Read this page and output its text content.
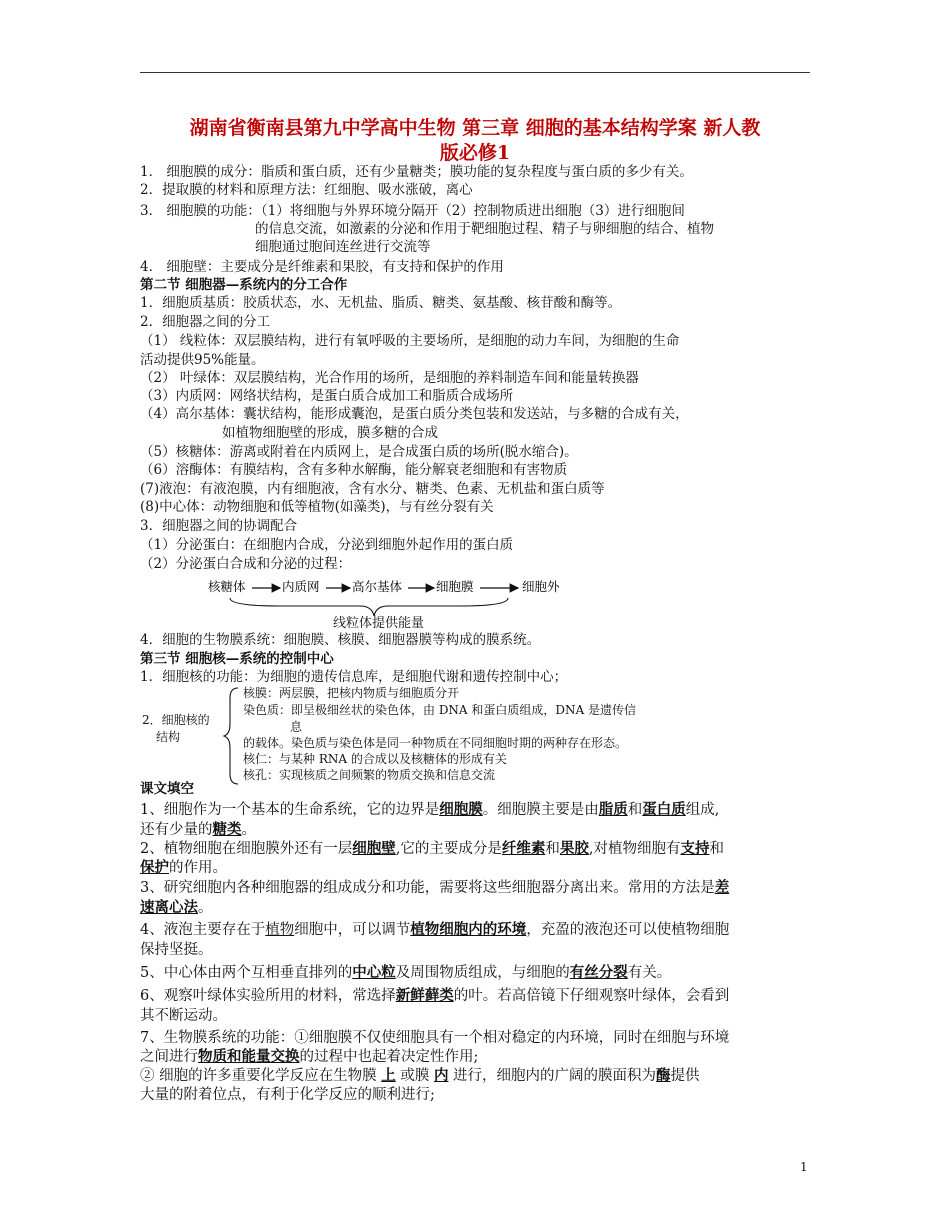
湖南省衡南县第九中学高中生物 第三章 细胞的基本结构学案 新人教
版必修1
1． 细胞膜的成分：脂质和蛋白质，还有少量糖类；膜功能的复杂程度与蛋白质的多少有关。
2．提取膜的材料和原理方法：红细胞、吸水涨破，离心
3． 细胞膜的功能：（1）将细胞与外界环境分隔开（2）控制物质进出细胞（3）进行细胞间
的信息交流，如激素的分泌和作用于靶细胞过程、精子与卵细胞的结合、植物
细胞通过胞间连丝进行交流等
4． 细胞壁：主要成分是纤维素和果胶，有支持和保护的作用
第二节 细胞器—系统内的分工合作
1．细胞质基质：胶质状态，水、无机盐、脂质、糖类、氨基酸、核苷酸和酶等。
2．细胞器之间的分工
（1） 线粒体：双层膜结构，进行有氧呼吸的主要场所，是细胞的动力车间，为细胞的生命
活动提供95%能量。
（2） 叶绿体：双层膜结构，光合作用的场所，是细胞的养料制造车间和能量转换器
（3）内质网：网络状结构，是蛋白质合成加工和脂质合成场所
（4）高尔基体：囊状结构，能形成囊泡，是蛋白质分类包装和发送站，与多糖的合成有关，
如植物细胞壁的形成，膜多糖的合成
（5）核糖体：游离或附着在内质网上，是合成蛋白质的场所(脱水缩合)。
（6）溶酶体：有膜结构，含有多种水解酶，能分解衰老细胞和有害物质
(7)液泡：有液泡膜，内有细胞液，含有水分、糖类、色素、无机盐和蛋白质等
(8)中心体：动物细胞和低等植物(如藻类)，与有丝分裂有关
3．细胞器之间的协调配合
（1）分泌蛋白：在细胞内合成，分泌到细胞外起作用的蛋白质
（2）分泌蛋白合成和分泌的过程：
核糖体	内质网	高尔基体	细胞膜	细胞外
线粒体提供能量
4．细胞的生物膜系统：细胞膜、核膜、细胞器膜等构成的膜系统。
第三节 细胞核—系统的控制中心
1．细胞核的功能：为细胞的遗传信息库，是细胞代谢和遗传控制中心；
2．细胞核的
结构
核膜：两层膜，把核内物质与细胞质分开
染色质：即呈极细丝状的染色体，由 DNA 和蛋白质组成，DNA 是遗传信
息
的载体。染色质与染色体是同一种物质在不同细胞时期的两种存在形态。
核仁：与某种 RNA 的合成以及核糖体的形成有关
核孔：实现核质之间频繁的物质交换和信息交流
课文填空
1、细胞作为一个基本的生命系统，它的边界是细胞膜。细胞膜主要是由脂质和蛋白质组成,
还有少量的糖类。
2、植物细胞在细胞膜外还有一层细胞壁,它的主要成分是纤维素和果胶,对植物细胞有支持和
保护的作用。
3、研究细胞内各种细胞器的组成成分和功能，需要将这些细胞器分离出来。常用的方法是差
速离心法。
4、液泡主要存在于植物细胞中，可以调节植物细胞内的环境，充盈的液泡还可以使植物细胞
保持坚挺。
5、中心体由两个互相垂直排列的中心粒及周围物质组成，与细胞的有丝分裂有关。
6、观察叶绿体实验所用的材料，常选择新鲜藓类的叶。若高倍镜下仔细观察叶绿体，会看到
其不断运动。
7、生物膜系统的功能：①细胞膜不仅使细胞具有一个相对稳定的内环境，同时在细胞与环境
之间进行物质和能量交换的过程中也起着决定性作用;
② 细胞的许多重要化学反应在生物膜 上 或膜 内 进行，细胞内的广阔的膜面积为酶提供
大量的附着位点，有利于化学反应的顺利进行;
1
